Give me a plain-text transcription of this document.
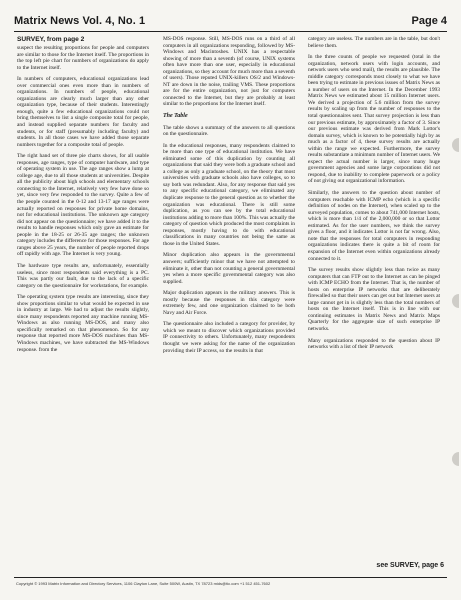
Matrix News Vol. 4, No. 1	Page 4
SURVEY, from page 2

suspect the resulting proportions for people and computers are similar to those for the Internet itself. The proportions in the top left pie chart for numbers of organizations do apply to the Internet itself.

In numbers of computers, educational organizations lead over commercial ones even more than in numbers of organizations. In numbers of people, educational organizations are clearly much larger than any other organization type, because of their students. Interestingly enough, quite a few educational organizations could not bring themselves to list a single composite total for people, and instead supplied separate numbers for faculty and students, or for staff (presumably including faculty) and students. In all those cases we have added those separate numbers together for a composite total of people.

The right hand set of three pie charts shows, for all usable responses, age ranges, type of computer hardware, and type of operating system in use. The age ranges show a lump at college age, due to all those students at universities. Despite all the publicity about high schools and elementary schools connecting to the Internet, relatively very few have done so yet, since very few responded to the survey. Quite a few of the people counted in the 0-12 and 13-17 age ranges were actually reported on responses for private home domains, not for educational institutions. The unknown age category did not appear on the questionnaire; we have added it to the results to handle responses which only gave an estimate for people in the 18-25 or 26-35 age ranges; the unknown category includes the difference for those responses. For age ranges above 25 years, the number of people reported drops off rapidly with age. The Internet is very young.

The hardware type results are, unfortunately, essentially useless, since most respondents said everything is a PC. This was partly our fault, due to the lack of a specific category on the questionnaire for workstations, for example.

The operating system type results are interesting, since they show proportions similar to what would be expected in use in industry at large. We had to adjust the results slightly, since many respondents reported any machine running MS-Windows as also running MS-DOS, and many also specifically remarked on that phenomenon. So for any response that reported more MS-DOS machines than MS-Windows machines, we have subtracted the MS-Windows response. from the

MS-DOS response. Still, MS-DOS runs on a third of all computers in all organizations responding, followed by MS-Windows and Macintoshes. UNIX has a respectable showing of more than a seventh (of course, UNIX systems often have more than one user, especially in educational organizations, so they account for much more than a seventh of users). Those reputed UNIX-killers OS/2 and Windows-NT are down in the noise, trailing VMS. These proportions are for the entire organization, not just for computers connected to the Internet, but they are probably at least similar to the proportions for the Internet itself.

The Table

The table shows a summary of the answers to all questions on the questionnaire.

In the educational responses, many respondents claimed to be more than one type of educational institution. We have eliminated some of this duplication by counting all organizations that said they were both a graduate school and a college as only a graduate school, on the theory that most universities with graduate schools also have colleges, so to say both was redundant. Also, for any response that said yes to any specific educational category, we eliminated any duplicate response to the general question as to whether the organization was educational. There is still some duplication, as you can see by the total educational institutions adding to more than 100%. This was actually the category of question which produced the most complaints in responses, mostly having to do with educational classifications in many countries not being the same as those in the United States.

Minor duplication also appears in the governmental answers; sufficiently minor that we have not attempted to eliminate it, other than not counting a general governmental yes when a more specific governmental category was also supplied.

Major duplication appears in the military answers. This is mostly because the responses in this category were extremely few, and one organization claimed to be both Navy and Air Force.

The questionnaire also included a category for provider, by which we meant to discover which organizations provided IP connectivity to others. Unfortunately, many respondents thought we were asking for the name of the organization providing their IP access, so the results in that

category are useless. The numbers are in the table, but don't believe them.

In the three counts of people we requested (total in the organization, network users with login accounts, and network users who send mail), the results are plausible. The middle category corresponds most closely to what we have been trying to estimate in previous issues of Matrix News as a number of users on the Internet. In the December 1993 Matrix News we estimated about 15 million Internet users. We derived a projection of 5.6 million from the survey results by scaling up from the number of responses to the total questionnaires sent. That survey projection is less than our previous estimate, by approximately a factor of 3. Since our previous estimate was derived from Mark Lottor's domain survey, which is known to be potentially high by as much as a factor of 4, these survey results are actually within the range we expected. Furthermore, the survey results substantiate a minimum number of Internet users. We expect the actual number is larger, since many huge government agencies and some large corporations did not respond, due to inability to complete paperwork or a policy of not giving out organizational information.

Similarly, the answers to the question about number of computers reachable with ICMP echo (which is a specific definition of nodes on the Internet), when scaled up to the surveyed population, comes to about 741,000 Internet hosts, which is more than 1/4 of the 2,000,000 or so that Lottor estimated. As for the user numbers, we think the survey gives a floor, and it indicates Lottor is not far wrong. Also, note that the responses for total computers in responding organizations indicates there is quite a bit of room for expansion of the Internet even within organizations already connected to it.

The survey results show slightly less than twice as many computers that can FTP out to the Internet as can be pinged with ICMP ECHO from the Internet. That is, the number of hosts on enterprise IP networks that are deliberately firewalled so that their users can get out but Internet users at large cannot get in is slightly less than the total numbers of hosts on the Internet itself. This is in line with our continuing estimates in Matrix News and Matrix Maps Quarterly for the aggregate size of such enterprise IP networks.

Many organizations responded to the question about IP networks with a list of their IP network

see SURVEY, page 6
Copyright © 1993 Matrix Information and Directory Services, 1106 Clayton Lane, Suite 500W, Austin, TX 78723 mids@tic.com +1 512 451-7602
